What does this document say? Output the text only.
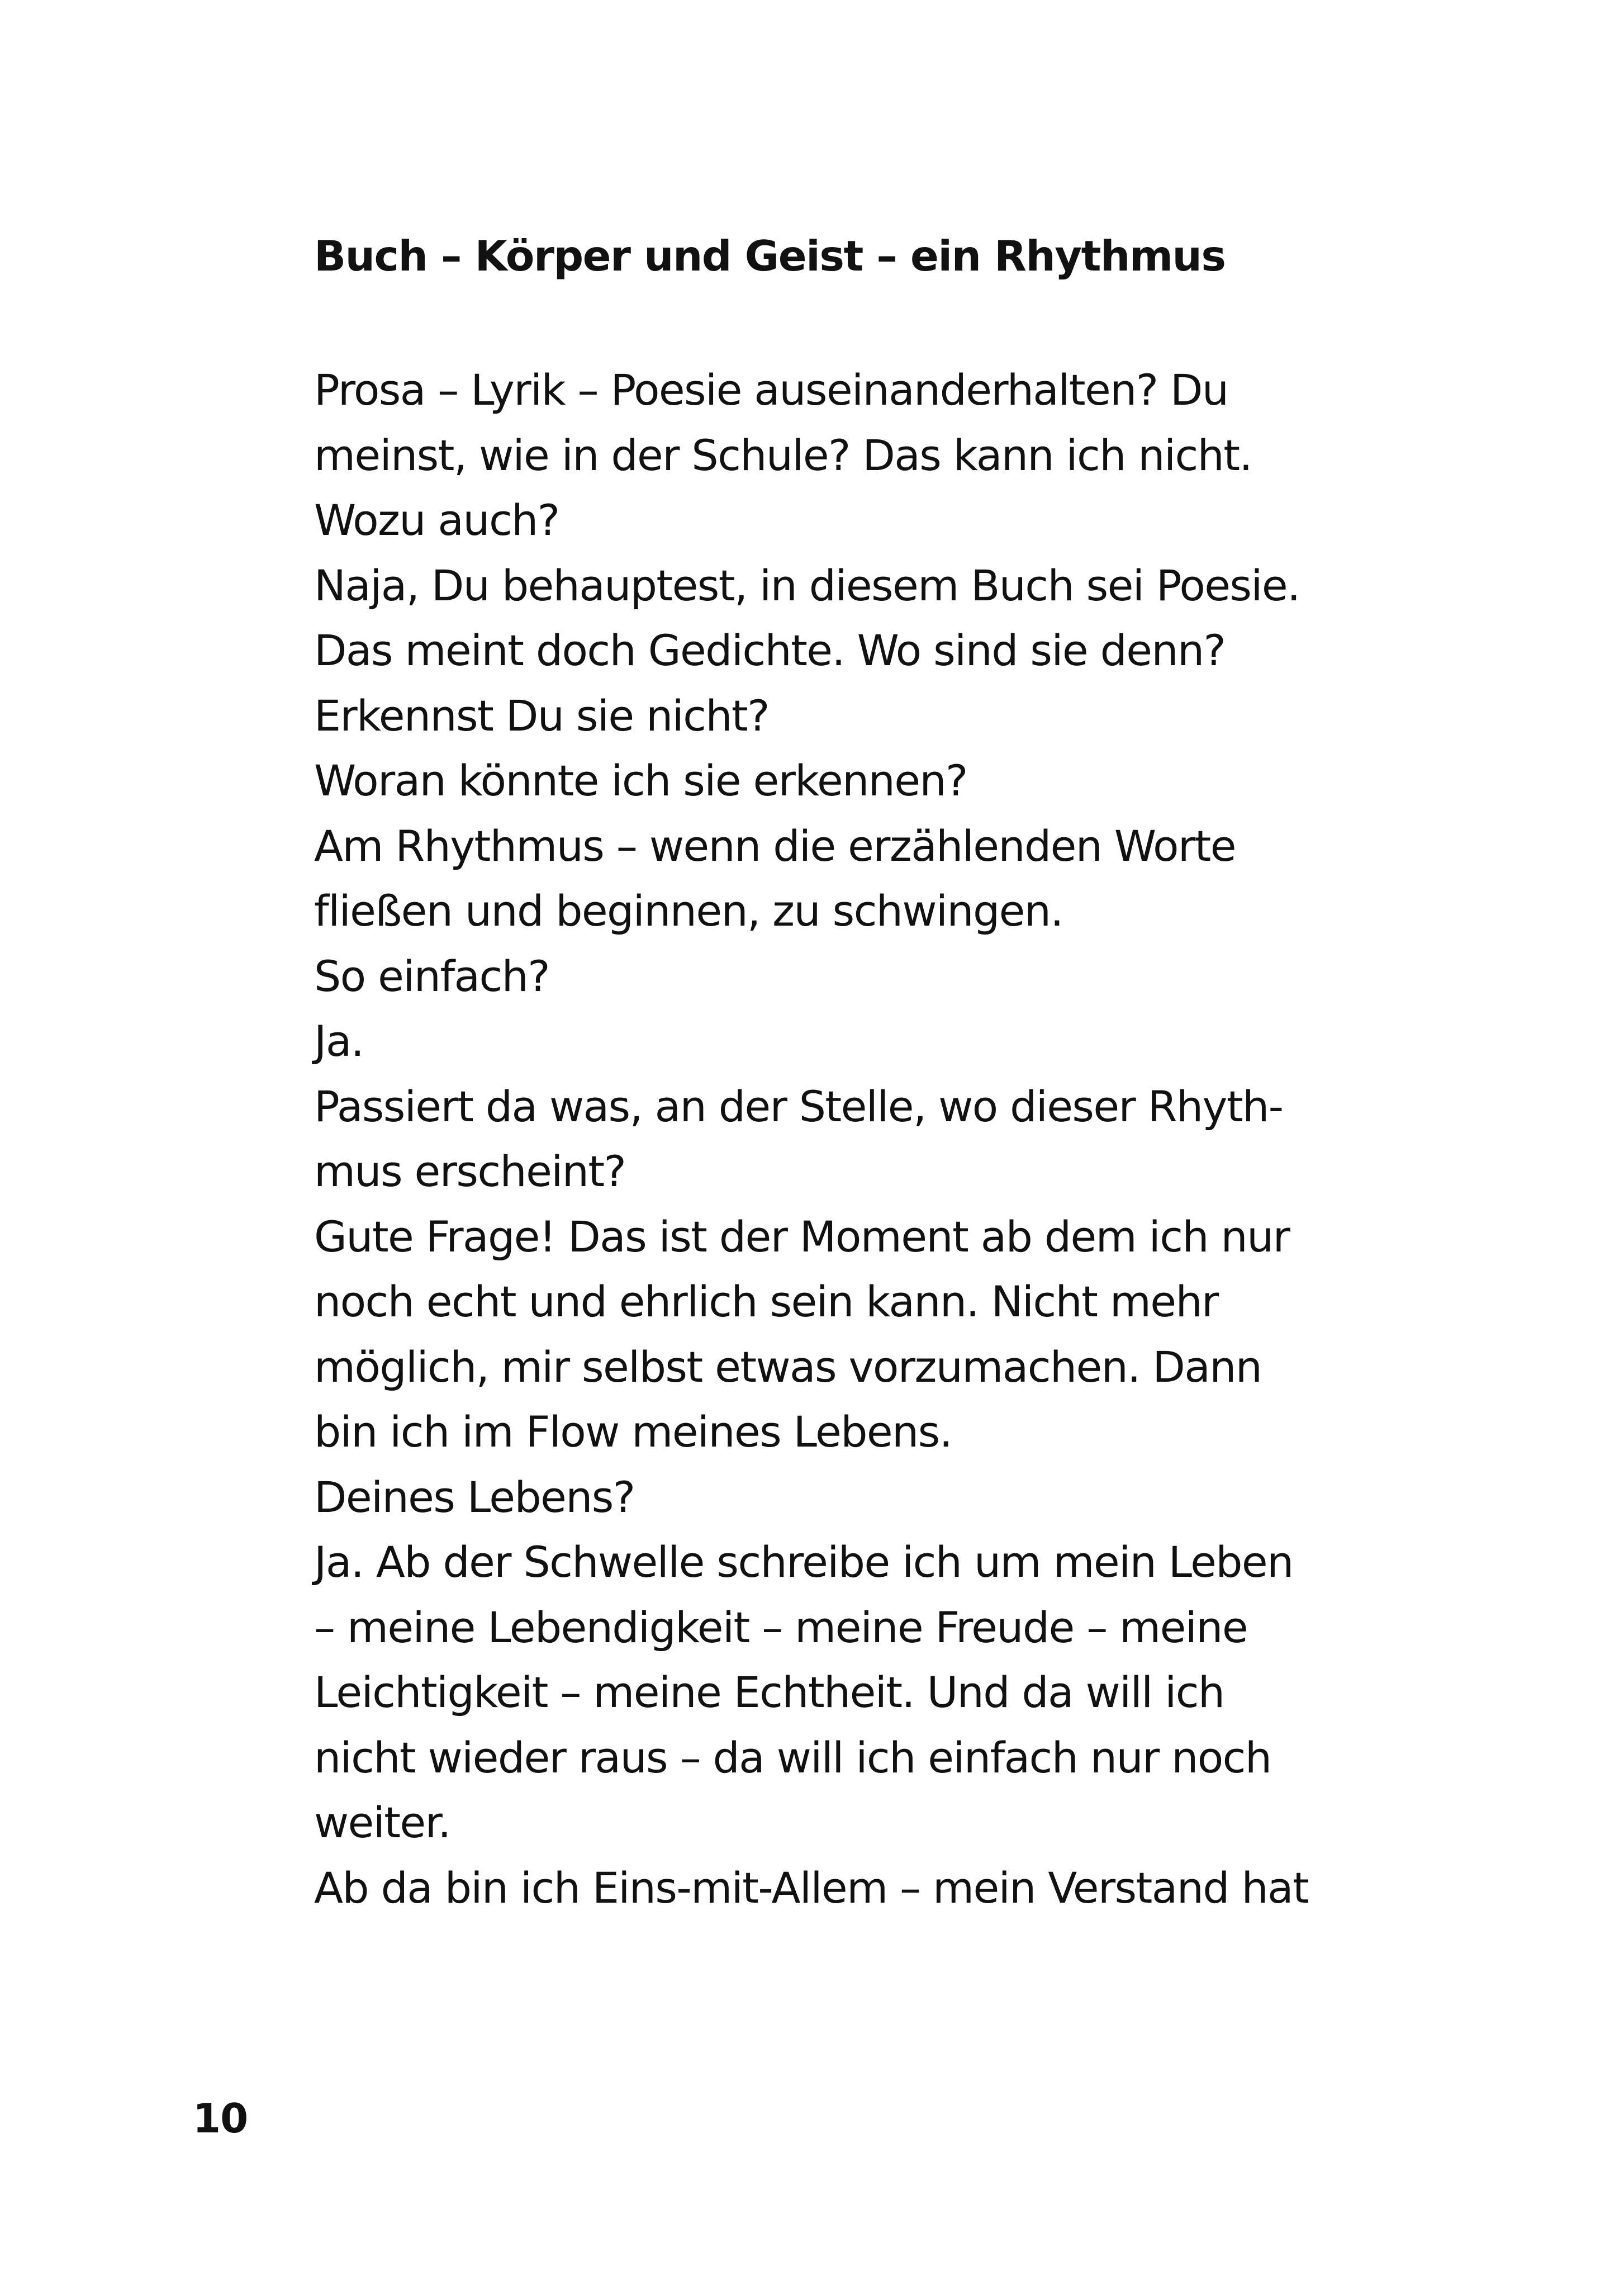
Buch – Körper und Geist – ein Rhythmus
Prosa – Lyrik – Poesie auseinanderhalten? Du
meinst, wie in der Schule? Das kann ich nicht.
Wozu auch?
Naja, Du behauptest, in diesem Buch sei Poesie.
Das meint doch Gedichte. Wo sind sie denn?
Erkennst Du sie nicht?
Woran könnte ich sie erkennen?
Am Rhythmus – wenn die erzählenden Worte
fließen und beginnen, zu schwingen.
So einfach?
Ja.
Passiert da was, an der Stelle, wo dieser Rhyth-
mus erscheint?
Gute Frage! Das ist der Moment ab dem ich nur
noch echt und ehrlich sein kann. Nicht mehr
möglich, mir selbst etwas vorzumachen. Dann
bin ich im Flow meines Lebens.
Deines Lebens?
Ja. Ab der Schwelle schreibe ich um mein Leben
– meine Lebendigkeit – meine Freude – meine
Leichtigkeit – meine Echtheit. Und da will ich
nicht wieder raus – da will ich einfach nur noch
weiter.
Ab da bin ich Eins-mit-Allem – mein Verstand hat
10
